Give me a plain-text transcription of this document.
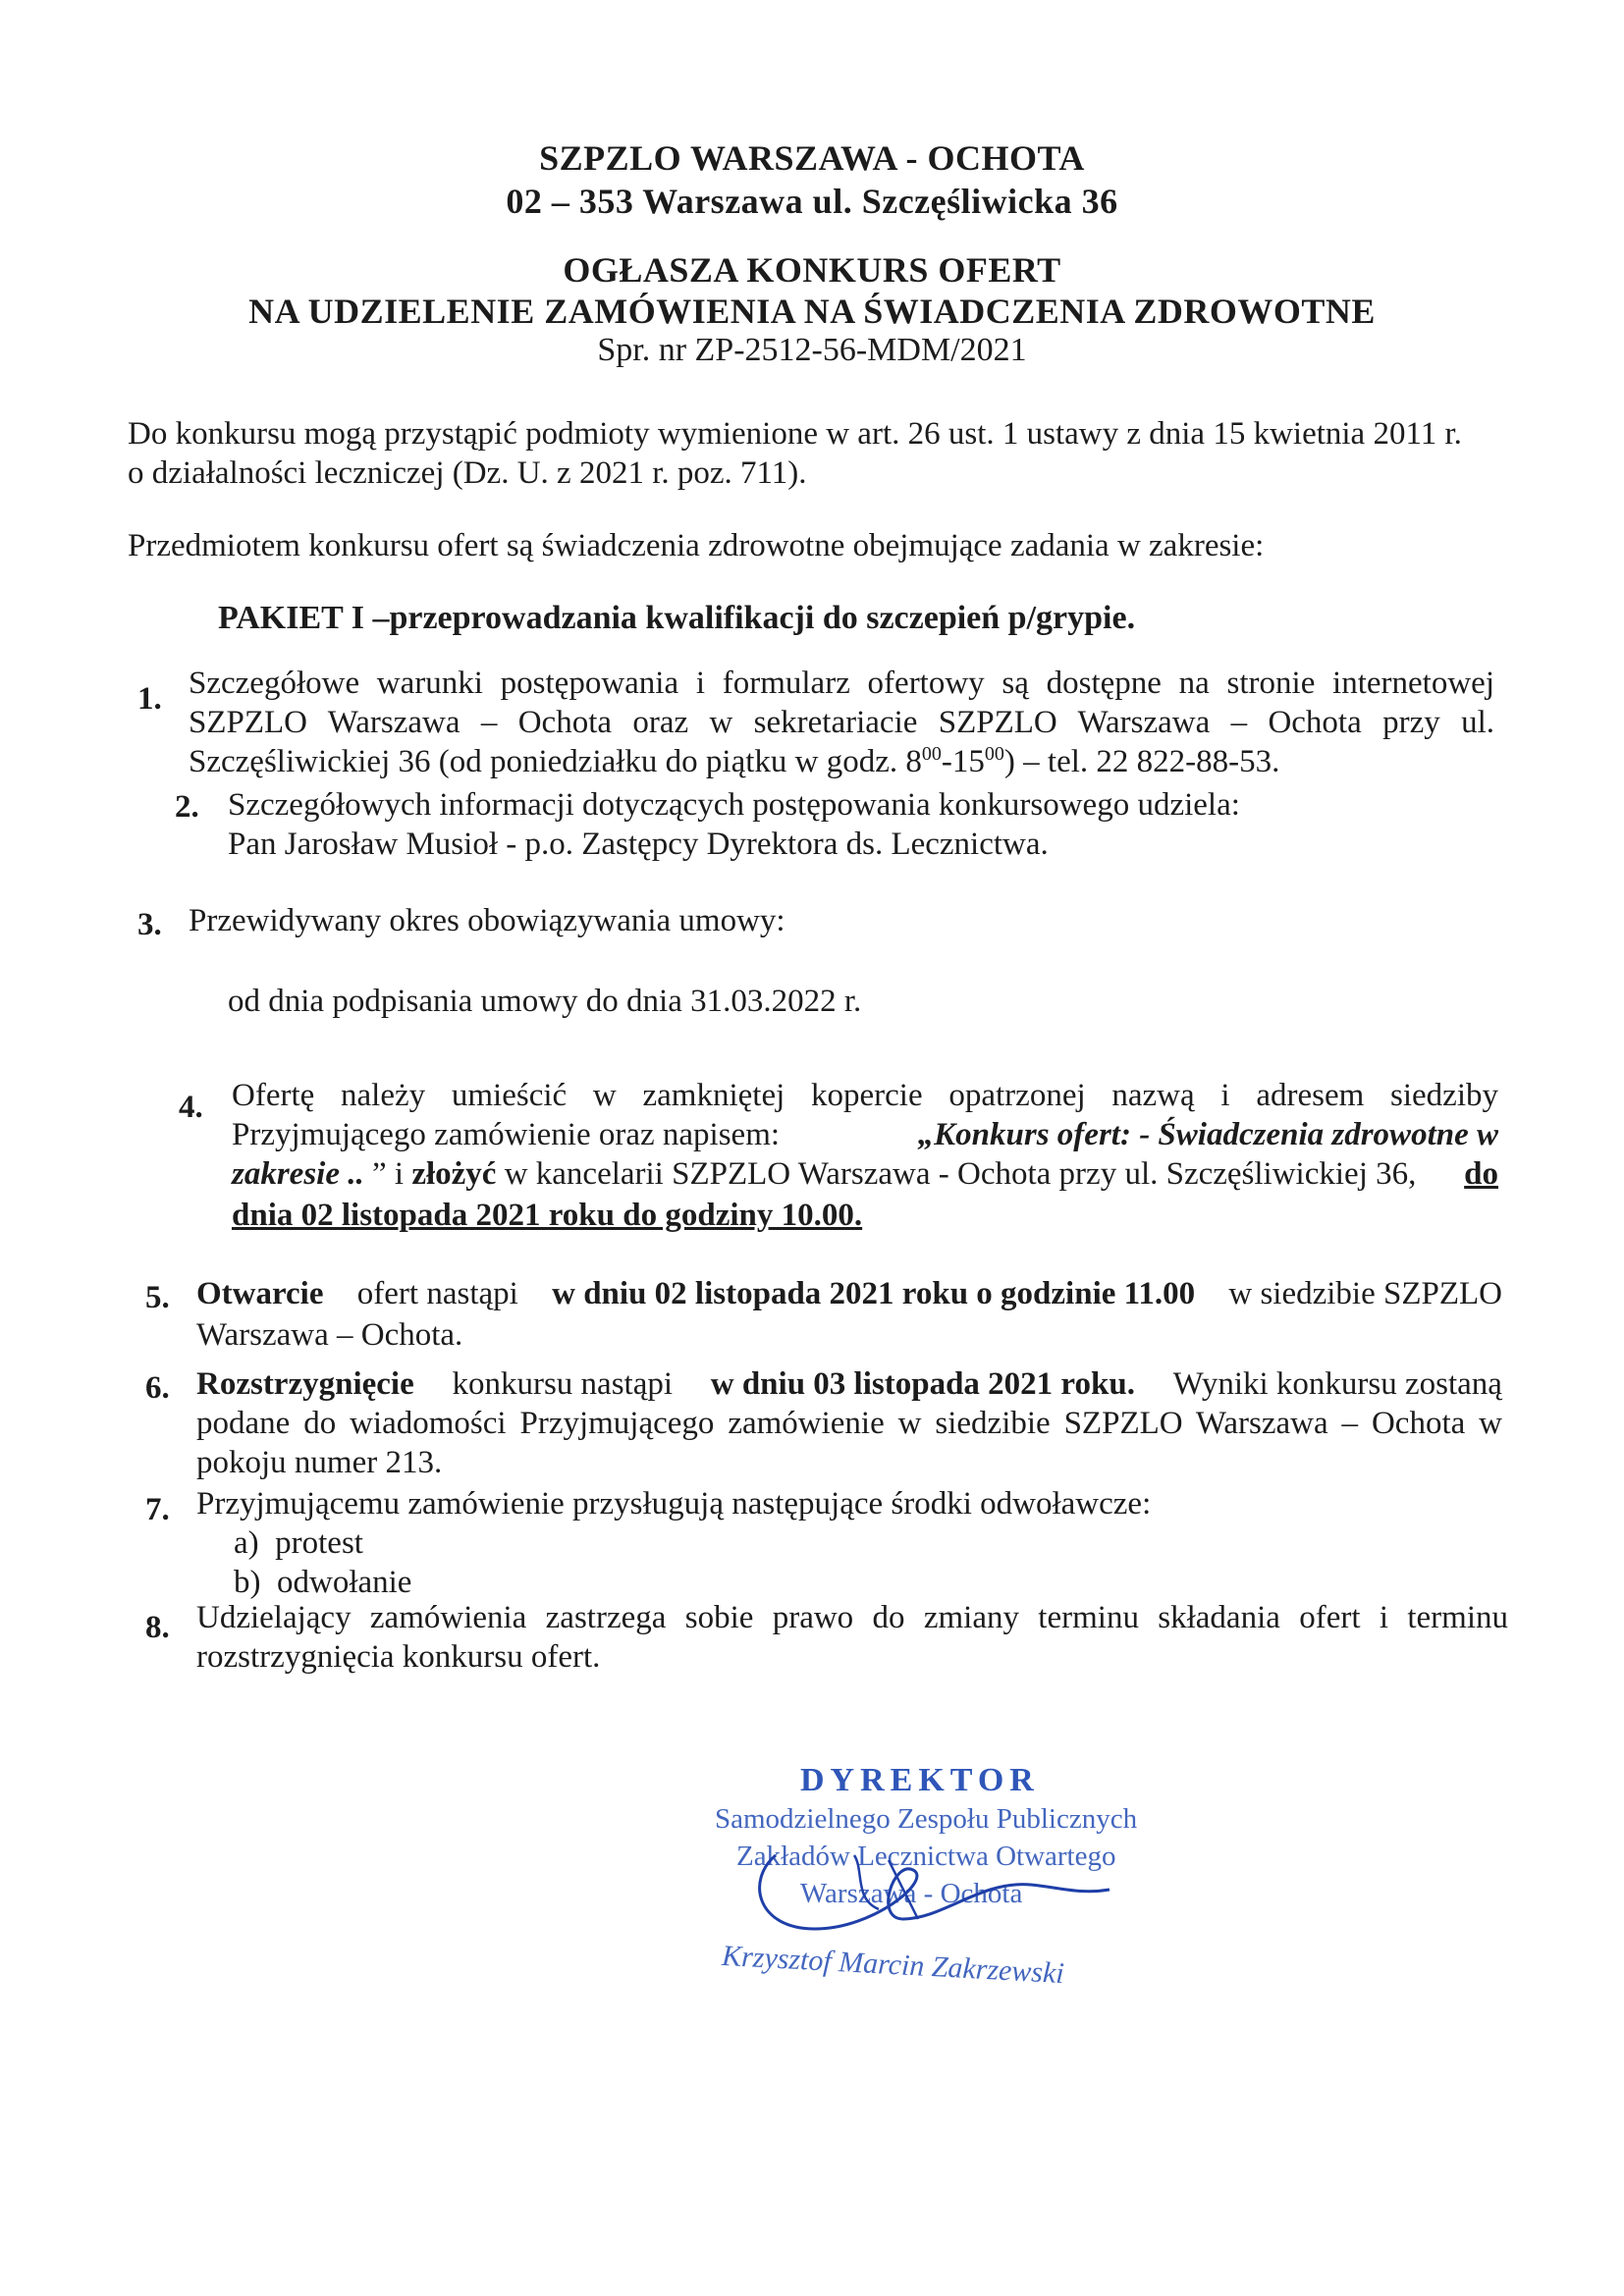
SZPZLO WARSZAWA - OCHOTA
02 – 353 Warszawa ul. Szczęśliwicka 36
OGŁASZA KONKURS OFERT
NA UDZIELENIE ZAMÓWIENIA NA ŚWIADCZENIA ZDROWOTNE
Spr. nr ZP-2512-56-MDM/2021
Do konkursu mogą przystąpić podmioty wymienione w art. 26 ust. 1 ustawy z dnia 15 kwietnia 2011 r.
o działalności leczniczej (Dz. U. z 2021 r. poz. 711).
Przedmiotem konkursu ofert są świadczenia zdrowotne obejmujące zadania w zakresie:
PAKIET I –przeprowadzania kwalifikacji do szczepień p/grypie.
1. Szczegółowe warunki postępowania i formularz ofertowy są dostępne na stronie internetowej
SZPZLO Warszawa – Ochota oraz w sekretariacie SZPZLO Warszawa – Ochota przy ul.
Szczęśliwickiej 36 (od poniedziałku do piątku w godz. $8^{00}-15^{00}$) – tel. 22 822-88-53.
2. Szczegółowych informacji dotyczących postępowania konkursowego udziela:
Pan Jarosław Musioł - p.o. Zastępcy Dyrektora ds. Lecznictwa.
3. Przewidywany okres obowiązywania umowy:
od dnia podpisania umowy do dnia 31.03.2022 r.
4. Ofertę należy umieścić w zamkniętej kopercie opatrzonej nazwą i adresem siedziby
Przyjmującego zamówienie oraz napisem:	„Konkurs ofert: - Świadczenia zdrowotne w
zakresie .. ” i złożyć w kancelarii SZPZLO Warszawa - Ochota przy ul. Szczęśliwickiej 36, do
dnia 02 listopada 2021 roku do godziny 10.00.
5. Otwarcie ofert nastąpi w dniu 02 listopada 2021 roku o godzinie 11.00 w siedzibie SZPZLO
Warszawa – Ochota.
6. Rozstrzygnięcie konkursu nastąpi w dniu 03 listopada 2021 roku. Wyniki konkursu zostaną
podane do wiadomości Przyjmującego zamówienie w siedzibie SZPZLO Warszawa – Ochota w
pokoju numer 213.
7. Przyjmującemu zamówienie przysługują następujące środki odwoławcze:
a)  protest
b)  odwołanie
8. Udzielający zamówienia zastrzega sobie prawo do zmiany terminu składania ofert i terminu
rozstrzygnięcia konkursu ofert.
DYREKTOR
Samodzielnego Zespołu Publicznych
Zakładów Lecznictwa Otwartego
Warszawa - Ochota
Krzysztof Marcin Zakrzewski
